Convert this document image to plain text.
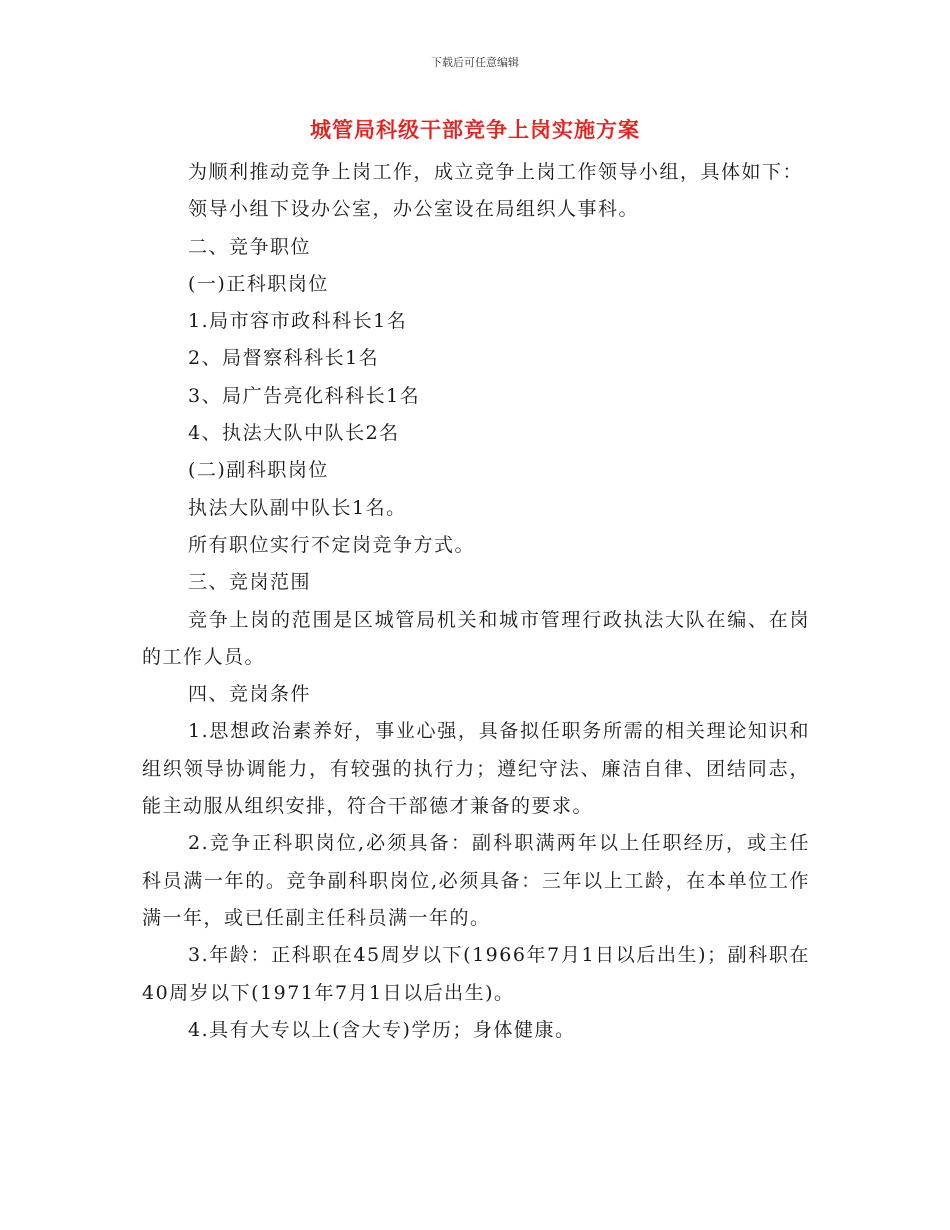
下载后可任意编辑
城管局科级干部竞争上岗实施方案

为顺利推动竞争上岗工作，成立竞争上岗工作领导小组，具体如下：

领导小组下设办公室，办公室设在局组织人事科。

二、竞争职位

(一)正科职岗位

1.局市容市政科科长1名

2、局督察科科长1名

3、局广告亮化科科长1名

4、执法大队中队长2名

(二)副科职岗位

执法大队副中队长1名。

所有职位实行不定岗竞争方式。

三、竞岗范围

竞争上岗的范围是区城管局机关和城市管理行政执法大队在编、在岗的工作人员。

四、竞岗条件

1.思想政治素养好，事业心强，具备拟任职务所需的相关理论知识和组织领导协调能力，有较强的执行力；遵纪守法、廉洁自律、团结同志，能主动服从组织安排，符合干部德才兼备的要求。

2.竞争正科职岗位,必须具备：副科职满两年以上任职经历，或主任科员满一年的。竞争副科职岗位,必须具备：三年以上工龄，在本单位工作满一年，或已任副主任科员满一年的。

3.年龄：正科职在45周岁以下(1966年7月1日以后出生)；副科职在40周岁以下(1971年7月1日以后出生)。

4.具有大专以上(含大专)学历；身体健康。
